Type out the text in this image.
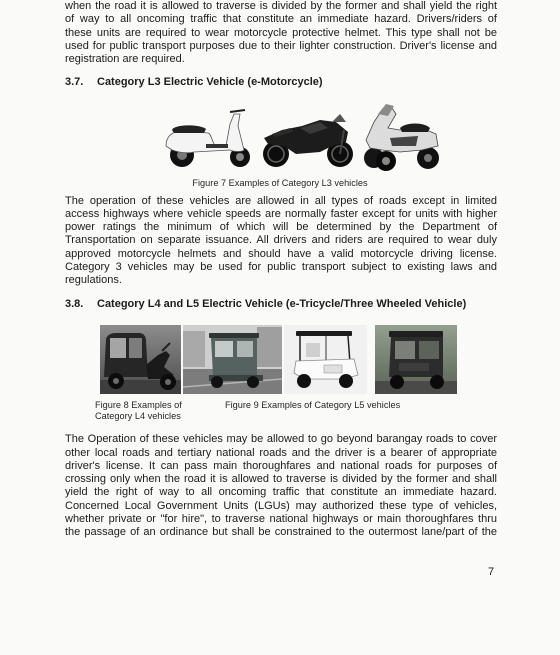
when the road it is allowed to traverse is divided by the former and shall yield the right
of way to all oncoming traffic that constitute an immediate hazard. Drivers/riders of
these units are required to wear motorcycle protective helmet. This type shall not be
used for public transport purposes due to their lighter construction. Driver's license and
registration are required.
3.7. Category L3 Electric Vehicle (e-Motorcycle)
Figure 7 Examples of Category L3 vehicles
The operation of these vehicles are allowed in all types of roads except in limited
access highways where vehicle speeds are normally faster except for units with higher
power ratings the minimum of which will be determined by the Department of
Transportation on separate issuance. All drivers and riders are required to wear duly
approved motorcycle helmets and should have a valid motorcycle driving license.
Category 3 vehicles may be used for public transport subject to existing laws and
regulations.
3.8. Category L4 and L5 Electric Vehicle (e-Tricycle/Three Wheeled Vehicle)
Figure 8 Examples of
Category L4 vehicles
Figure 9 Examples of Category L5 vehicles
The Operation of these vehicles may be allowed to go beyond barangay roads to cover
other local roads and tertiary national roads and the driver is a bearer of appropriate
driver's license. It can pass main thoroughfares and national roads for purposes of
crossing only when the road it is allowed to traverse is divided by the former and shall
yield the right of way to all oncoming traffic that constitute an immediate hazard.
Concerned Local Government Units (LGUs) may authorized these type of vehicles,
whether private or "for hire", to traverse national highways or main thoroughfares thru
the passage of an ordinance but shall be constrained to the outermost lane/part of the
7
